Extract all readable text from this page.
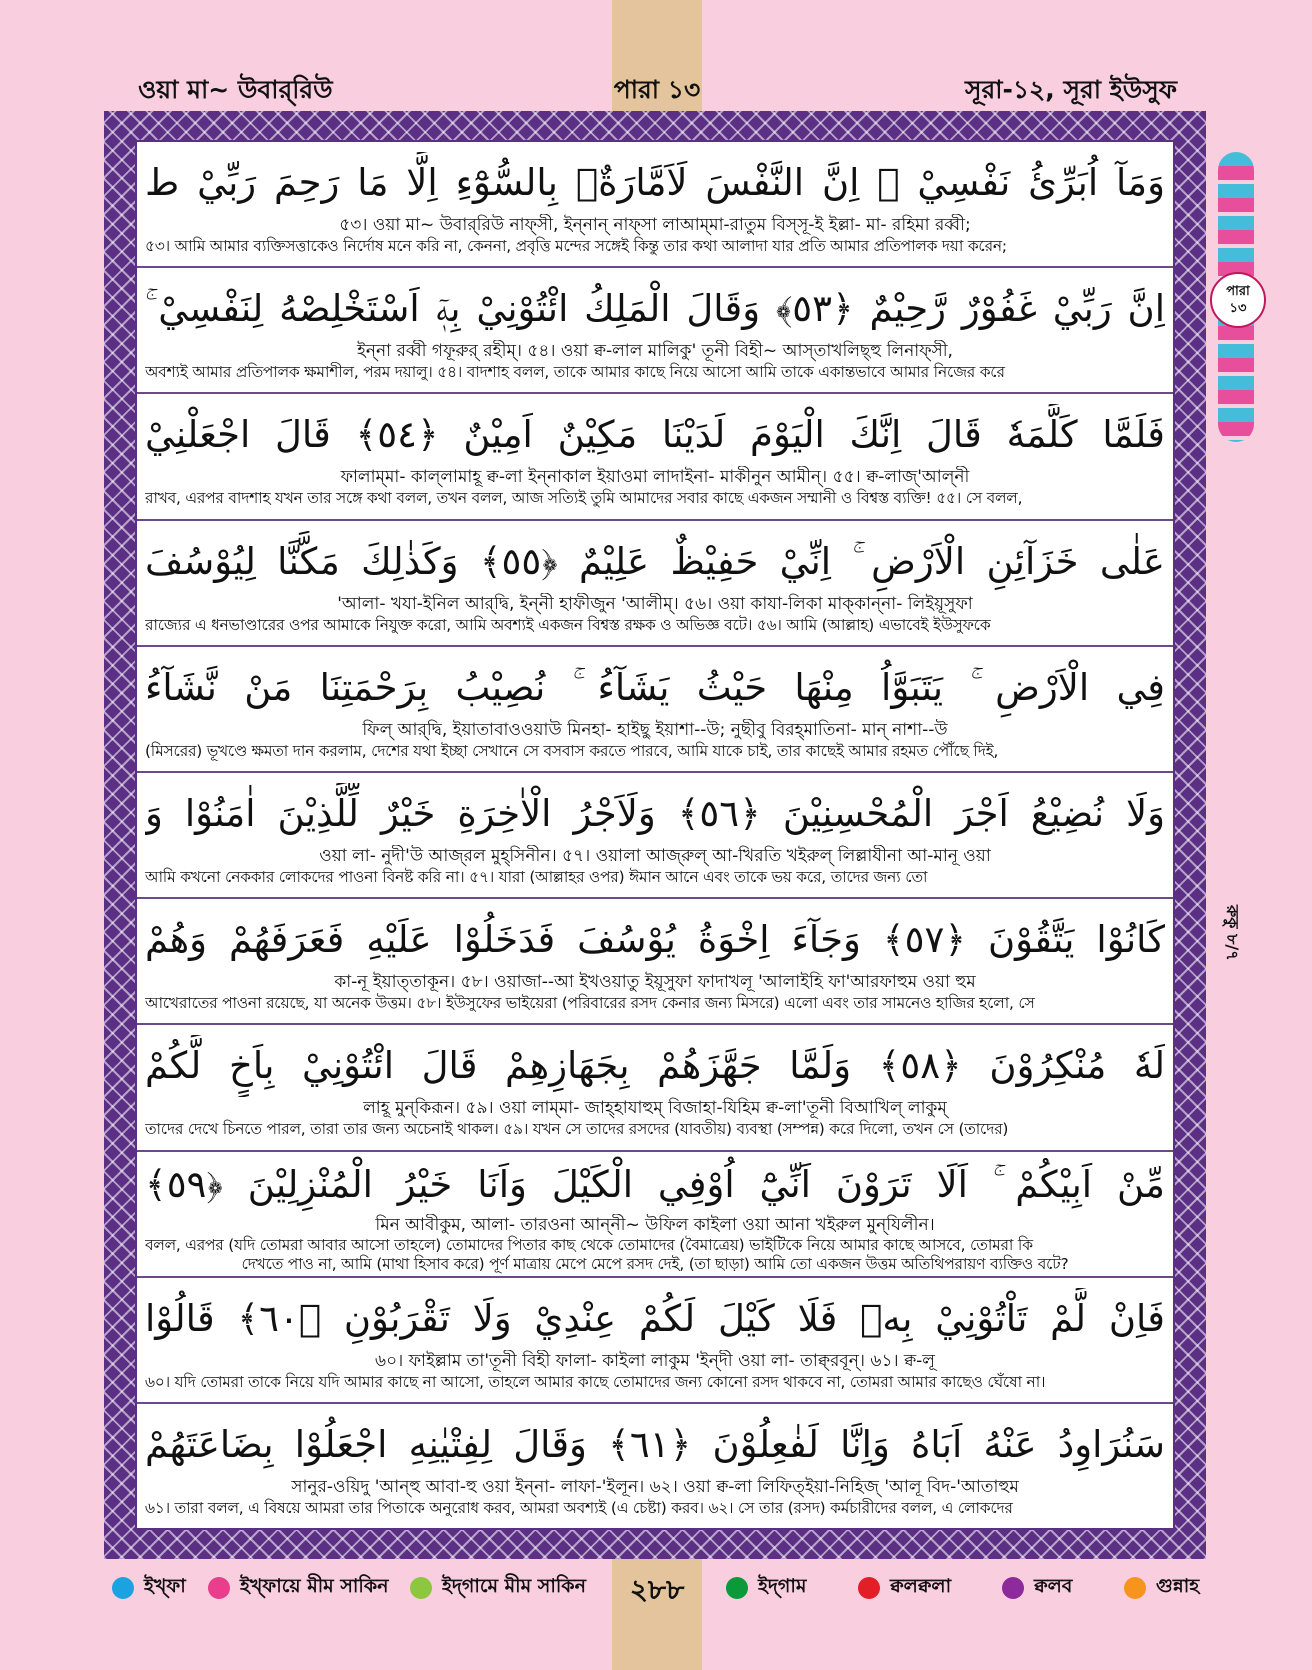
ওয়া মা~ উবার্‌রিউ	পারা ১৩	সূরা-১২, সূরা ইউসুফ
وَمَآ اُبَرِّئُ نَفْسِيْ ۚ اِنَّ النَّفْسَ لَاَمَّارَةٌۢ بِالسُّوْٓءِ اِلَّا مَا رَحِمَ رَبِّيْ ط
৫৩। ওয়া মা~ উবার্‌রিউ নাফ্‌সী, ইন্‌নান্‌ নাফ্‌সা লাআম্‌মা-রাতুম বিস্‌সূ-ই ইল্লা- মা- রহিমা রব্বী;
৫৩। আমি আমার ব্যক্তিসত্তাকেও নির্দোষ মনে করি না, কেননা, প্রবৃত্তি মন্দের সঙ্গেই কিন্তু তার কথা আলাদা যার প্রতি আমার প্রতিপালক দয়া করেন;
اِنَّ رَبِّيْ غَفُوْرٌ رَّحِيْمٌ ﴿٥٣﴾ وَقَالَ الْمَلِكُ ائْتُوْنِيْ بِهٖٓ اَسْتَخْلِصْهُ لِنَفْسِيْ ۚ
ইন্‌না রব্বী গফূরুর্‌ রহীম্‌। ৫৪। ওয়া ক্ব-লাল মালিকু' তূনী বিহী~ আস্‌তাখলিছ্‌হু লিনাফ্‌সী,
অবশ্যই আমার প্রতিপালক ক্ষমাশীল, পরম দয়ালু। ৫৪। বাদশাহ বলল, তাকে আমার কাছে নিয়ে আসো আমি তাকে একান্তভাবে আমার নিজের করে
فَلَمَّا كَلَّمَهٗ قَالَ اِنَّكَ الْيَوْمَ لَدَيْنَا مَكِيْنٌ اَمِيْنٌ ﴿٥٤﴾ قَالَ اجْعَلْنِيْ
ফালাম্‌মা- কাল্‌লামাহূ ক্ব-লা ইন্‌নাকাল ইয়াওমা লাদাইনা- মাকীনুন আমীন্‌। ৫৫। ক্ব-লাজ্‌'আল্‌নী
রাখব, এরপর বাদশাহ যখন তার সঙ্গে কথা বলল, তখন বলল, আজ সত্যিই তুমি আমাদের সবার কাছে একজন সম্মানী ও বিশ্বস্ত ব্যক্তি! ৫৫। সে বলল,
عَلٰى خَزَآئِنِ الْاَرْضِ ۚ اِنِّيْ حَفِيْظٌ عَلِيْمٌ ﴿٥٥﴾ وَكَذٰلِكَ مَكَّنَّا لِيُوْسُفَ
'আলা- খযা-ইনিল আর্‌দ্বি, ইন্‌নী হাফীজুন 'আলীম্‌। ৫৬। ওয়া কাযা-লিকা মাক্‌কান্‌না- লিইয়ূসুফা
রাজ্যের এ ধনভাণ্ডারের ওপর আমাকে নিযুক্ত করো, আমি অবশ্যই একজন বিশ্বস্ত রক্ষক ও অভিজ্ঞ বটে। ৫৬। আমি (আল্লাহ) এভাবেই ইউসুফকে
فِي الْاَرْضِ ۚ يَتَبَوَّاُ مِنْهَا حَيْثُ يَشَآءُ ۚ نُصِيْبُ بِرَحْمَتِنَا مَنْ نَّشَآءُ
ফিল্‌ আর্‌দ্বি, ইয়াতাবাওওয়াউ মিনহা- হাইছু ইয়াশা--উ; নুছীবু বিরহ্‌মাতিনা- মান্‌ নাশা--উ
(মিসরের) ভূখণ্ডে ক্ষমতা দান করলাম, দেশের যথা ইচ্ছা সেখানে সে বসবাস করতে পারবে, আমি যাকে চাই, তার কাছেই আমার রহমত পৌঁছে দিই,
وَلَا نُضِيْعُ اَجْرَ الْمُحْسِنِيْنَ ﴿٥٦﴾ وَلَاَجْرُ الْاٰخِرَةِ خَيْرٌ لِّلَّذِيْنَ اٰمَنُوْا وَ
ওয়া লা- নুদী'উ আজ্‌রল মুহ্‌সিনীন। ৫৭। ওয়ালা আজ্‌রুল্‌ আ-খিরতি খইরুল্‌ লিল্লাযীনা আ-মানূ ওয়া
আমি কখনো নেককার লোকদের পাওনা বিনষ্ট করি না। ৫৭। যারা (আল্লাহর ওপর) ঈমান আনে এবং তাকে ভয় করে, তাদের জন্য তো
كَانُوْا يَتَّقُوْنَ ﴿٥٧﴾ وَجَآءَ اِخْوَةُ يُوْسُفَ فَدَخَلُوْا عَلَيْهِ فَعَرَفَهُمْ وَهُمْ
কা-নূ ইয়াত্‌তাকূন। ৫৮। ওয়াজা--আ ইখওয়াতু ইয়ূসুফা ফাদাখলূ 'আলাইহি ফা'আরফাহুম ওয়া হুম
আখেরাতের পাওনা রয়েছে, যা অনেক উত্তম। ৫৮। ইউসুফের ভাইয়েরা (পরিবারের রসদ কেনার জন্য মিসরে) এলো এবং তার সামনেও হাজির হলো, সে
لَهٗ مُنْكِرُوْنَ ﴿٥٨﴾ وَلَمَّا جَهَّزَهُمْ بِجَهَازِهِمْ قَالَ ائْتُوْنِيْ بِاَخٍ لَّكُمْ
লাহূ মুন্‌কিরূন। ৫৯। ওয়া লাম্‌মা- জাহ্‌হাযাহুম্‌ বিজাহা-যিহিম ক্ব-লা'তূনী বিআখিল্‌ লাকুম্‌
তাদের দেখে চিনতে পারল, তারা তার জন্য অচেনাই থাকল। ৫৯। যখন সে তাদের রসদের (যাবতীয়) ব্যবস্থা (সম্পন্ন) করে দিলো, তখন সে (তাদের)
مِّنْ اَبِيْكُمْ ۚ اَلَا تَرَوْنَ اَنِّيْٓ اُوْفِي الْكَيْلَ وَاَنَا خَيْرُ الْمُنْزِلِيْنَ ﴿٥٩﴾
মিন আবীকুম, আলা- তারওনা আন্‌নী~ উফিল কাইলা ওয়া আনা খইরুল মুন্‌যিলীন।
বলল, এরপর (যদি তোমরা আবার আসো তাহলে) তোমাদের পিতার কাছ থেকে তোমাদের (বৈমাত্রেয়) ভাইটিকে নিয়ে আমার কাছে আসবে, তোমরা কি
দেখতে পাও না, আমি (মাথা হিসাব করে) পূর্ণ মাত্রায় মেপে মেপে রসদ দেই, (তা ছাড়া) আমি তো একজন উত্তম অতিথিপরায়ণ ব্যক্তিও বটে?
فَاِنْ لَّمْ تَاْتُوْنِيْ بِهٖ فَلَا كَيْلَ لَكُمْ عِنْدِيْ وَلَا تَقْرَبُوْنِ ﴿٦٠﴾ قَالُوْا
৬০। ফাইল্লাম তা'তূনী বিহী ফালা- কাইলা লাকুম 'ইন্‌দী ওয়া লা- তাক্ব্‌রবূন্‌। ৬১। ক্ব-লূ
৬০। যদি তোমরা তাকে নিয়ে যদি আমার কাছে না আসো, তাহলে আমার কাছে তোমাদের জন্য কোনো রসদ থাকবে না, তোমরা আমার কাছেও ঘেঁষো না।
سَنُرَاوِدُ عَنْهُ اَبَاهُ وَاِنَّا لَفٰعِلُوْنَ ﴿٦١﴾ وَقَالَ لِفِتْيٰنِهِ اجْعَلُوْا بِضَاعَتَهُمْ
সানুর-ওয়িদু 'আন্‌হু আবা-হু ওয়া ইন্‌না- লাফা-'ইলূন। ৬২। ওয়া ক্ব-লা লিফিত্‌ইয়া-নিহিজ্‌ 'আলূ বিদ-'আতাহুম
৬১। তারা বলল, এ বিষয়ে আমরা তার পিতাকে অনুরোধ করব, আমরা অবশ্যই (এ চেষ্টা) করব। ৬২। সে তার (রসদ) কর্মচারীদের বলল, এ লোকদের
পারা
১৩
রুকু ৮/৭
ইখ্‌ফা	ইখ্‌ফায়ে মীম সাকিন	ইদ্‌গামে মীম সাকিন	ইদ্‌গাম	ক্বলক্বলা	ক্বলব	গুন্নাহ
২৮৮
